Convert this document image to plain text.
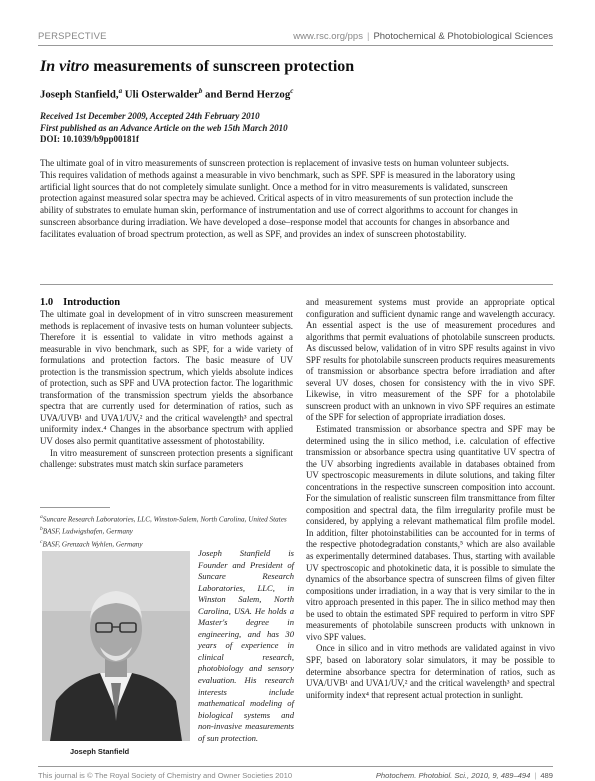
PERSPECTIVE	www.rsc.org/pps | Photochemical & Photobiological Sciences
In vitro measurements of sunscreen protection
Joseph Stanfield,$^a$ Uli Osterwalder$^b$ and Bernd Herzog$^c$
Received 1st December 2009, Accepted 24th February 2010
First published as an Advance Article on the web 15th March 2010
DOI: 10.1039/b9pp00181f

The ultimate goal of in vitro measurements of sunscreen protection is replacement of invasive tests on human volunteer subjects. This requires validation of methods against a measurable in vivo benchmark, such as SPF. SPF is measured in the laboratory using artificial light sources that do not completely simulate sunlight. Once a method for in vitro measurements is validated, sunscreen protection against measured solar spectra may be achieved. Critical aspects of in vitro measurements of sun protection include the ability of substrates to emulate human skin, performance of instrumentation and use of correct algorithms to account for changes in sunscreen absorbance during irradiation. We have developed a dose–response model that accounts for changes in absorbance and facilitates evaluation of broad spectrum protection, as well as SPF, and provides an index of sunscreen photostability.

1.0 Introduction

The ultimate goal in development of in vitro sunscreen measurement methods is replacement of invasive tests on human volunteer subjects. Therefore it is essential to validate in vitro methods against a measurable in vivo benchmark, such as SPF, for a wide variety of formulations and protection factors. The basic measure of UV protection is the transmission spectrum, which yields absolute indices of protection, such as SPF and UVA protection factor. The logarithmic transformation of the transmission spectrum yields the absorbance spectra that are currently used for determination of ratios, such as UVA/UVB¹ and UVA1/UV,² and the critical wavelength³ and spectral uniformity index.⁴ Changes in the absorbance spectrum with applied UV doses also permit quantitative assessment of photostability.

In vitro measurement of sunscreen protection presents a significant challenge: substrates must match skin surface parameters

$^a$Suncare Research Laboratories, LLC, Winston-Salem, North Carolina, United States
$^b$BASF, Ludwigshafen, Germany
$^c$BASF, Grenzach Wyhlen, Germany
Joseph Stanfield
Joseph Stanfield is Founder and President of Suncare Research Laboratories, LLC, in Winston Salem, North Carolina, USA. He holds a Master's degree in engineering, and has 30 years of experience in clinical research, photobiology and sensory evaluation. His research interests include mathematical modeling of biological systems and non-invasive measurements of sun protection.

and measurement systems must provide an appropriate optical configuration and sufficient dynamic range and wavelength accuracy. An essential aspect is the use of measurement procedures and algorithms that permit evaluations of photolabile sunscreen products. As discussed below, validation of in vitro SPF results against in vivo SPF results for photolabile sunscreen products requires measurements of transmission or absorbance spectra before irradiation and after several UV doses, chosen for consistency with the in vivo SPF. Likewise, in vitro measurement of the SPF for a photolabile sunscreen product with an unknown in vivo SPF requires an estimate of the SPF for selection of appropriate irradiation doses.

Estimated transmission or absorbance spectra and SPF may be determined using the in silico method, i.e. calculation of effective transmission or absorbance spectra using quantitative UV spectra of the UV absorbing ingredients available in databases obtained from UV spectroscopic measurements in dilute solutions, and taking filter concentrations in the respective sunscreen composition into account. For the simulation of realistic sunscreen film transmittance from filter composition and spectral data, the film irregularity profile must be considered, by applying a relevant mathematical film profile model. In addition, filter photoinstabilities can be accounted for in terms of the respective photodegradation constants,⁵ which are also available as experimentally determined databases. Thus, starting with available UV spectroscopic and photokinetic data, it is possible to simulate the dynamics of the absorbance spectra of sunscreen films of given filter compositions under irradiation, in a way that is very similar to the in vitro approach presented in this paper. The in silico method may then be used to obtain the estimated SPF required to perform in vitro SPF measurements of photolabile sunscreen products with unknown in vivo SPF values.

Once in silico and in vitro methods are validated against in vivo SPF, based on laboratory solar simulators, it may be possible to determine absorbance spectra for determination of ratios, such as UVA/UVB¹ and UVA1/UV,² and the critical wavelength³ and spectral uniformity index⁴ that represent actual protection in sunlight.

This journal is © The Royal Society of Chemistry and Owner Societies 2010	Photochem. Photobiol. Sci., 2010, 9, 489–494 | 489
